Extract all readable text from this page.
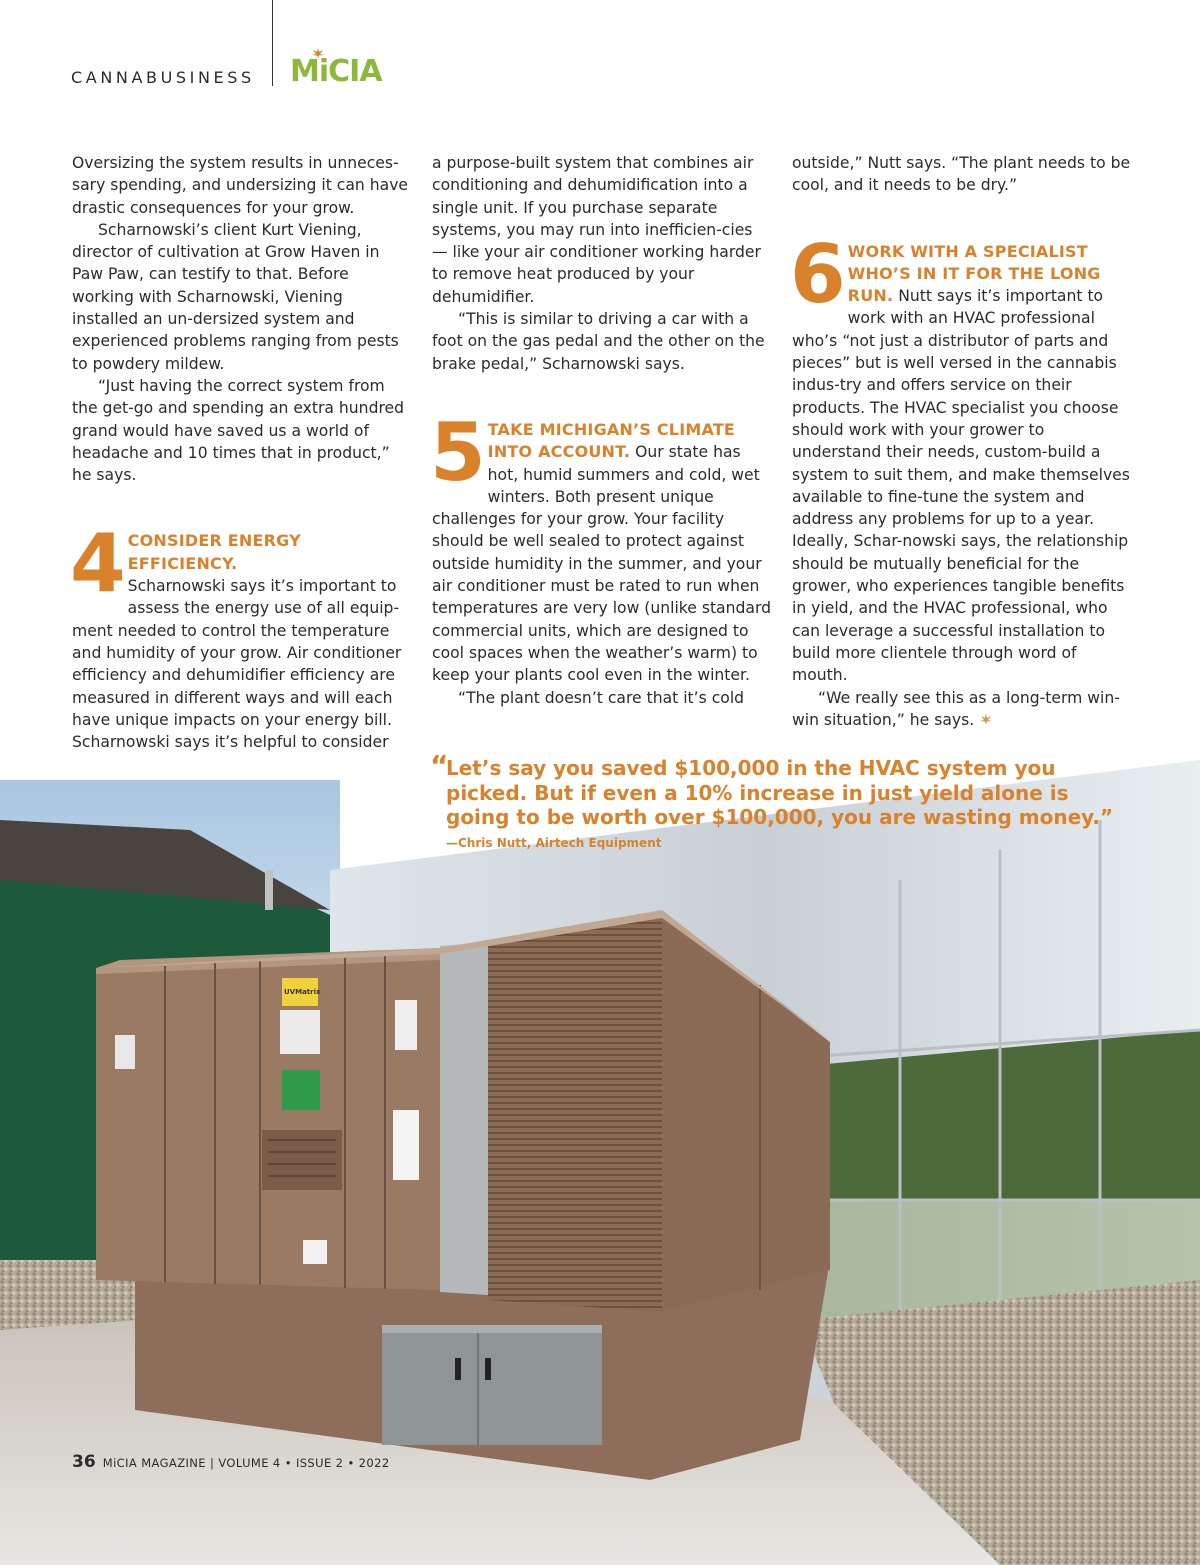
CANNABUSINESS MiCIA

Oversizing the system results in unneces-sary spending, and undersizing it can have drastic consequences for your grow.

Scharnowski’s client Kurt Viening, director of cultivation at Grow Haven in Paw Paw, can testify to that. Before working with Scharnowski, Viening installed an un-dersized system and experienced problems ranging from pests to powdery mildew.

“Just having the correct system from the get-go and spending an extra hundred grand would have saved us a world of headache and 10 times that in product,” he says.

4 CONSIDER ENERGY EFFICIENCY.
Scharnowski says it’s important to assess the energy use of all equip-ment needed to control the temperature and humidity of your grow. Air conditioner efficiency and dehumidifier efficiency are measured in different ways and will each have unique impacts on your energy bill. Scharnowski says it’s helpful to consider

a purpose-built system that combines air conditioning and dehumidification into a single unit. If you purchase separate systems, you may run into inefficien-cies — like your air conditioner working harder to remove heat produced by your dehumidifier.

“This is similar to driving a car with a foot on the gas pedal and the other on the brake pedal,” Scharnowski says.

5 TAKE MICHIGAN’S CLIMATE INTO ACCOUNT. Our state has hot, humid summers and cold, wet winters. Both present unique challenges for your grow. Your facility should be well sealed to protect against outside humidity in the summer, and your air conditioner must be rated to run when temperatures are very low (unlike standard commercial units, which are designed to cool spaces when the weather’s warm) to keep your plants cool even in the winter.

“The plant doesn’t care that it’s cold

outside,” Nutt says. “The plant needs to be cool, and it needs to be dry.”

6 WORK WITH A SPECIALIST WHO’S IN IT FOR THE LONG RUN. Nutt says it’s important to work with an HVAC professional who’s “not just a distributor of parts and pieces” but is well versed in the cannabis indus-try and offers service on their products. The HVAC specialist you choose should work with your grower to understand their needs, custom-build a system to suit them, and make themselves available to fine-tune the system and address any problems for up to a year. Ideally, Schar-nowski says, the relationship should be mutually beneficial for the grower, who experiences tangible benefits in yield, and the HVAC professional, who can leverage a successful installation to build more clientele through word of mouth.

“We really see this as a long-term win-win situation,” he says.

UVMatrix
“
Let’s say you saved $100,000 in the HVAC system you picked. But if even a 10% increase in just yield alone is going to be worth over $100,000, you are wasting money.”
—Chris Nutt, Airtech Equipment
36 MiCIA MAGAZINE | VOLUME 4 • ISSUE 2 • 2022
